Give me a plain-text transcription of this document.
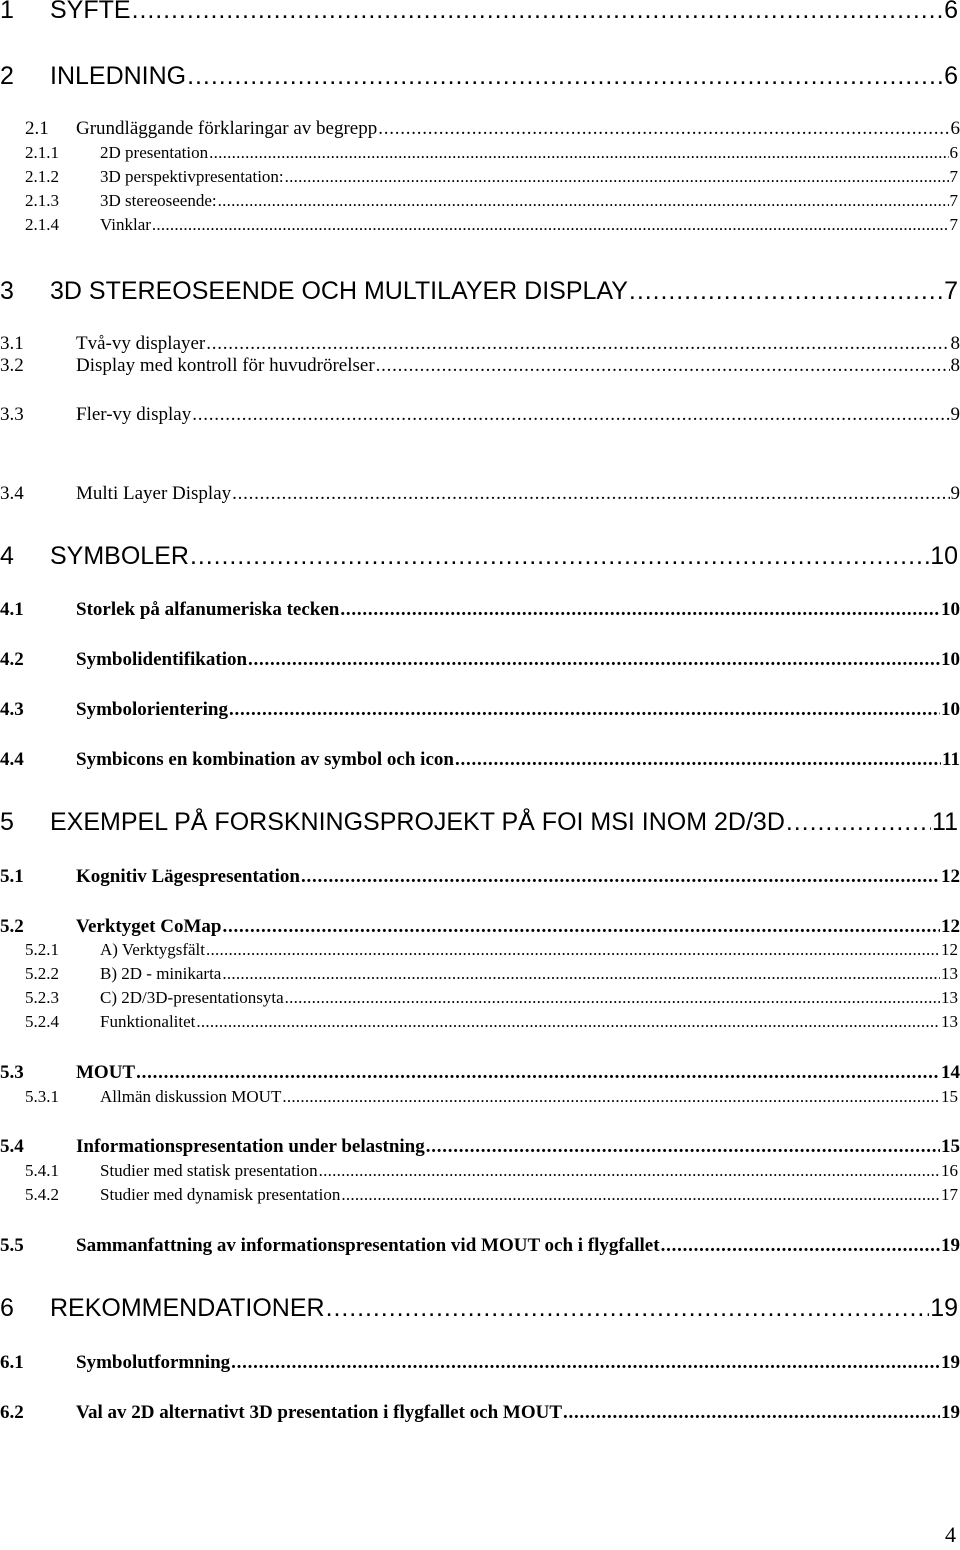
1 SYFTE . . .	6
2 INLEDNING . . .	6
2.1 Grundläggande förklaringar av begrepp . . .	6
2.1.1 2D presentation . . .	6
2.1.2 3D perspektivpresentation: . . .	7
2.1.3 3D stereoseende: . . .	7
2.1.4 Vinklar . . .	7
3 3D STEREOSEENDE OCH MULTILAYER DISPLAY . . .	7
3.1	Två-vy displayer . . .	8
3.2	Display med kontroll för huvudrörelser . . .	8
3.3	Fler-vy display . . .	9
3.4	Multi Layer Display . . .	9
4 SYMBOLER . . .	10
4.1	Storlek på alfanumeriska tecken . . .	10
4.2	Symbolidentifikation . . .	10
4.3	Symbolorientering . . .	10
4.4	Symbicons en kombination av symbol och icon . . .	11
5 EXEMPEL PÅ FORSKNINGSPROJEKT PÅ FOI MSI INOM 2D/3D . . .	11
5.1	Kognitiv Lägespresentation . . .	12
5.2	Verktyget CoMap . . .	12
5.2.1 A) Verktygsfält . . .	12
5.2.2 B) 2D - minikarta . . .	13
5.2.3 C) 2D/3D-presentationsyta . . .	13
5.2.4 Funktionalitet . . .	13
5.3	MOUT . . .	14
5.3.1 Allmän diskussion MOUT . . .	15
5.4	Informationspresentation under belastning . . .	15
5.4.1 Studier med statisk presentation . . .	16
5.4.2 Studier med dynamisk presentation . . .	17
5.5	Sammanfattning av informationspresentation vid MOUT och i flygfallet . . .	19
6 REKOMMENDATIONER . . .	19
6.1	Symbolutformning . . .	19
6.2	Val av 2D alternativt 3D presentation i flygfallet och MOUT . . .	19
4
